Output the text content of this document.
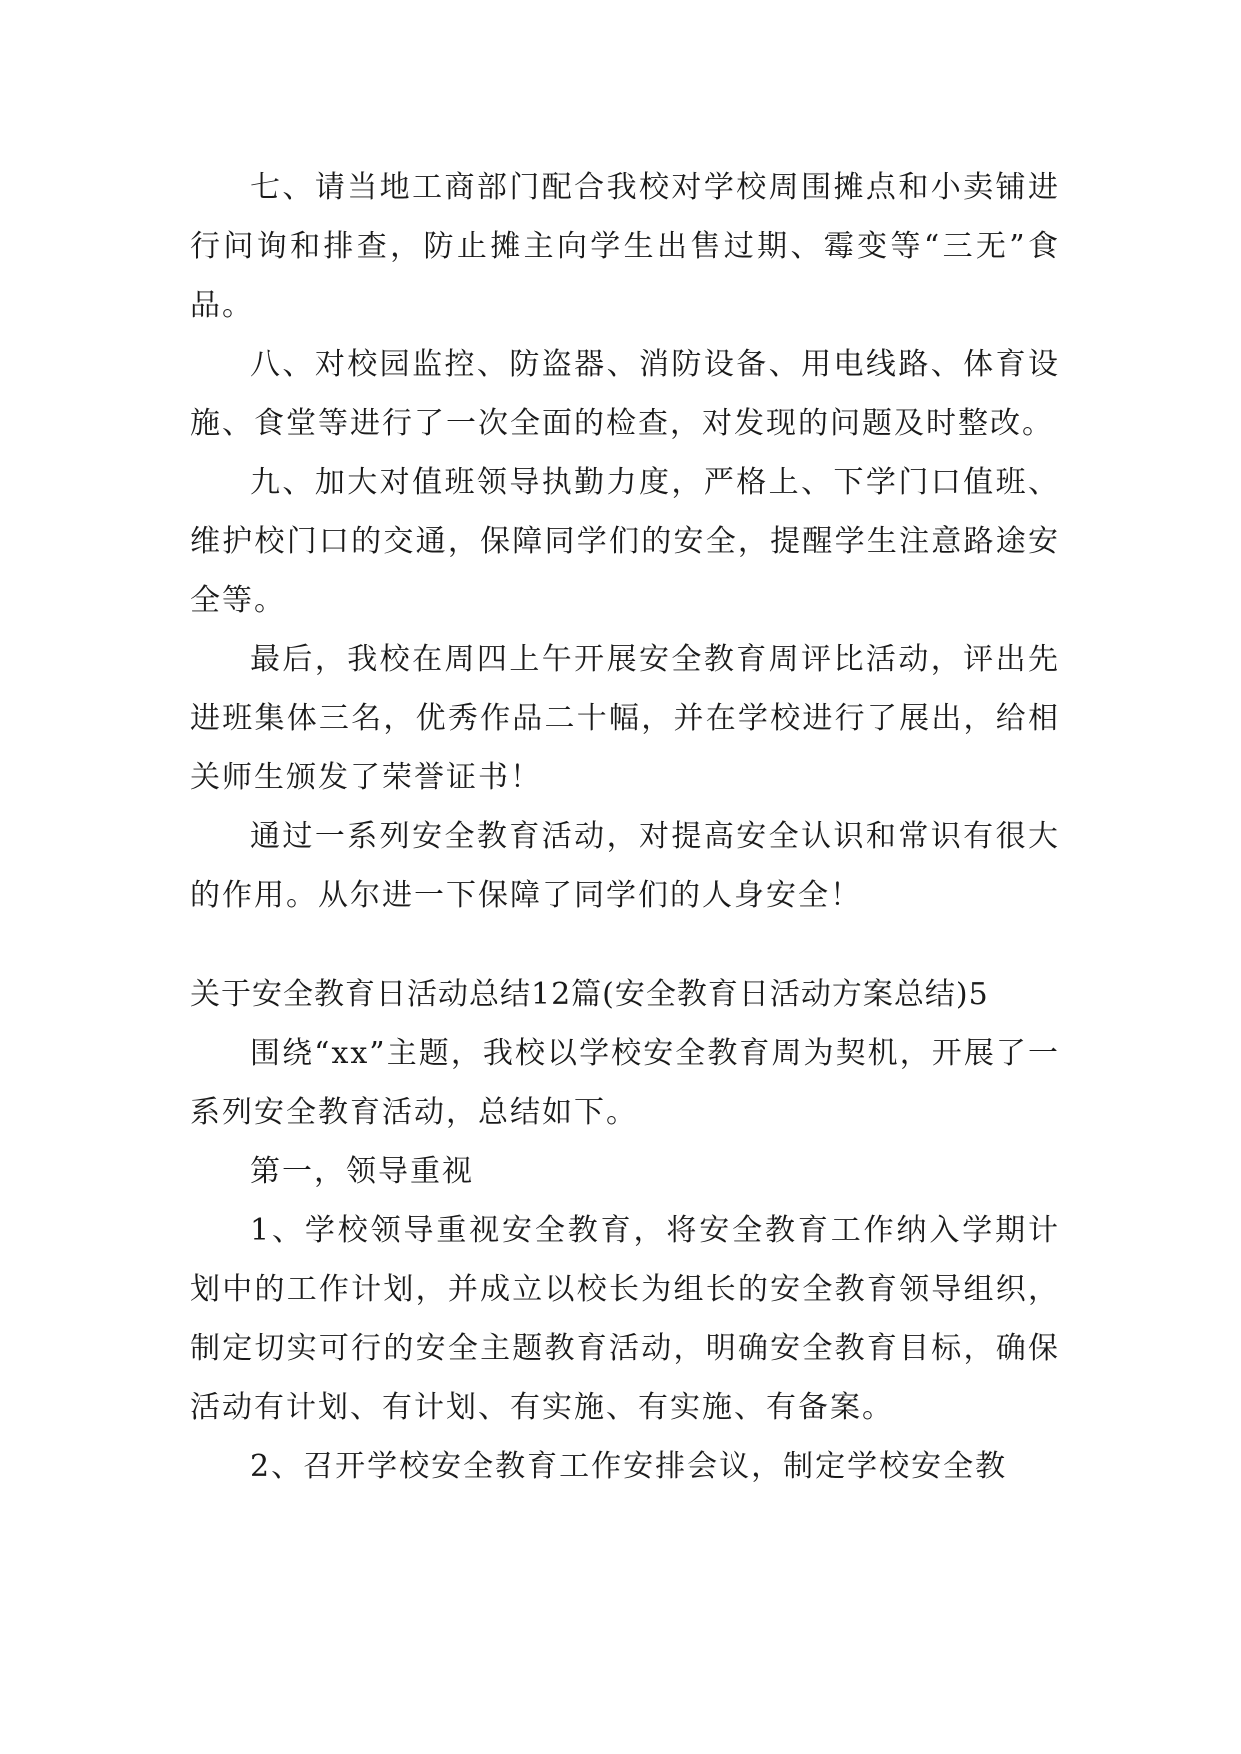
七、请当地工商部门配合我校对学校周围摊点和小卖铺进行问询和排查，防止摊主向学生出售过期、霉变等“三无”食品。

八、对校园监控、防盗器、消防设备、用电线路、体育设施、食堂等进行了一次全面的检查，对发现的问题及时整改。

九、加大对值班领导执勤力度，严格上、下学门口值班、维护校门口的交通，保障同学们的安全，提醒学生注意路途安全等。

最后，我校在周四上午开展安全教育周评比活动，评出先进班集体三名，优秀作品二十幅，并在学校进行了展出，给相关师生颁发了荣誉证书！

通过一系列安全教育活动，对提高安全认识和常识有很大的作用。从尔进一下保障了同学们的人身安全！

关于安全教育日活动总结12篇(安全教育日活动方案总结)5

围绕“xx”主题，我校以学校安全教育周为契机，开展了一系列安全教育活动，总结如下。

第一，领导重视

1、学校领导重视安全教育，将安全教育工作纳入学期计划中的工作计划，并成立以校长为组长的安全教育领导组织，制定切实可行的安全主题教育活动，明确安全教育目标，确保活动有计划、有计划、有实施、有实施、有备案。

2、召开学校安全教育工作安排会议，制定学校安全教
